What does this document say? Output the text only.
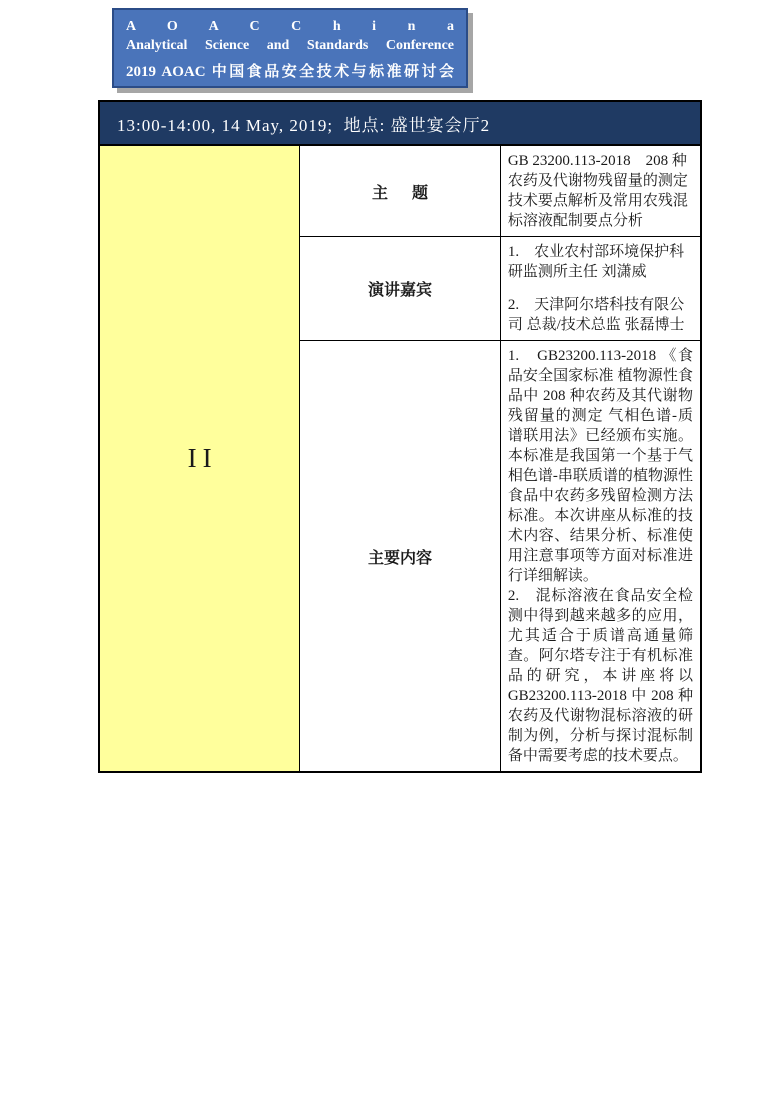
A O A C C h i n a
Analytical Science and Standards Conference
2019 AOAC 中国食品安全技术与标准研讨会
13:00-14:00, 14 May, 2019;  地点: 盛世宴会厅2		
II	主      题	GB 23200.113-2018　208 种农药及代谢物残留量的测定技术要点解析及常用农残混标溶液配制要点分析
	演讲嘉宾	1.　农业农村部环境保护科研监测所主任 刘潇威
2.　天津阿尔塔科技有限公司 总裁/技术总监 张磊博士

	主要内容	1.　GB23200.113-2018 《食品安全国家标准 植物源性食品中 208 种农药及其代谢物残留量的测定 气相色谱-质谱联用法》已经颁布实施。本标准是我国第一个基于气相色谱-串联质谱的植物源性食品中农药多残留检测方法标准。本次讲座从标准的技术内容、结果分析、标准使用注意事项等方面对标准进行详细解读。
2.　混标溶液在食品安全检测中得到越来越多的应用，尤其适合于质谱高通量筛查。阿尔塔专注于有机标准品的研究，本讲座将以 GB23200.113-2018 中 208 种农药及代谢物混标溶液的研制为例，分析与探讨混标制备中需要考虑的技术要点。
